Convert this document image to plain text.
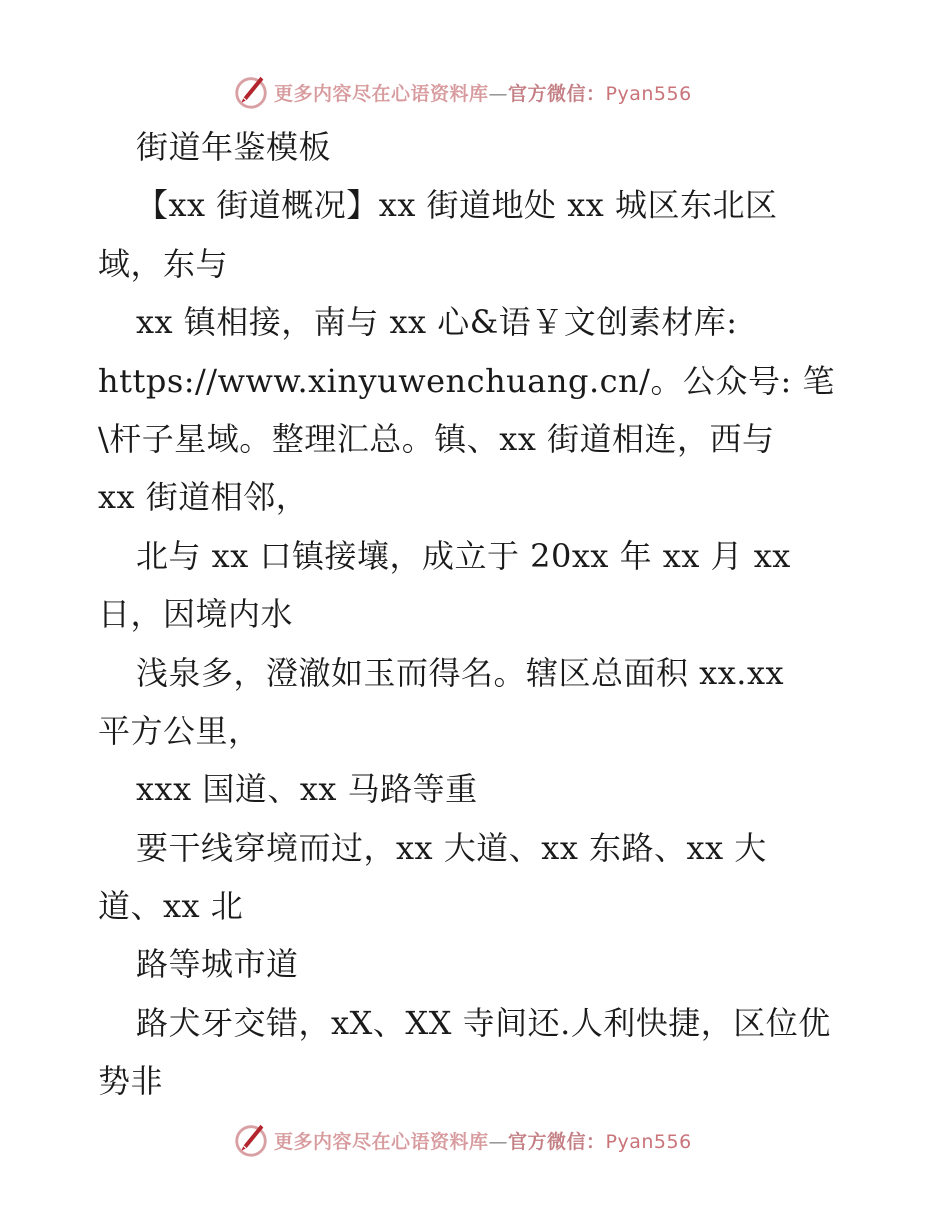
更多内容尽在心语资料库—官方微信：Pyan556
街道年鉴模板
【xx 街道概况】xx 街道地处 xx 城区东北区
域，东与
xx 镇相接，南与 xx 心&语￥文创素材库:
https://www.xinyuwenchuang.cn/。公众号: 笔
\杆子星域。整理汇总。镇、xx 街道相连，西与
xx 街道相邻，
北与 xx 口镇接壤，成立于 20xx 年 xx 月 xx
日，因境内水
浅泉多，澄澈如玉而得名。辖区总面积 xx.xx
平方公里，
xxx 国道、xx 马路等重
要干线穿境而过，xx 大道、xx 东路、xx 大
道、xx 北
路等城市道
路犬牙交错，xX、XX 寺间还.人利快捷，区位优
势非
更多内容尽在心语资料库—官方微信：Pyan556
